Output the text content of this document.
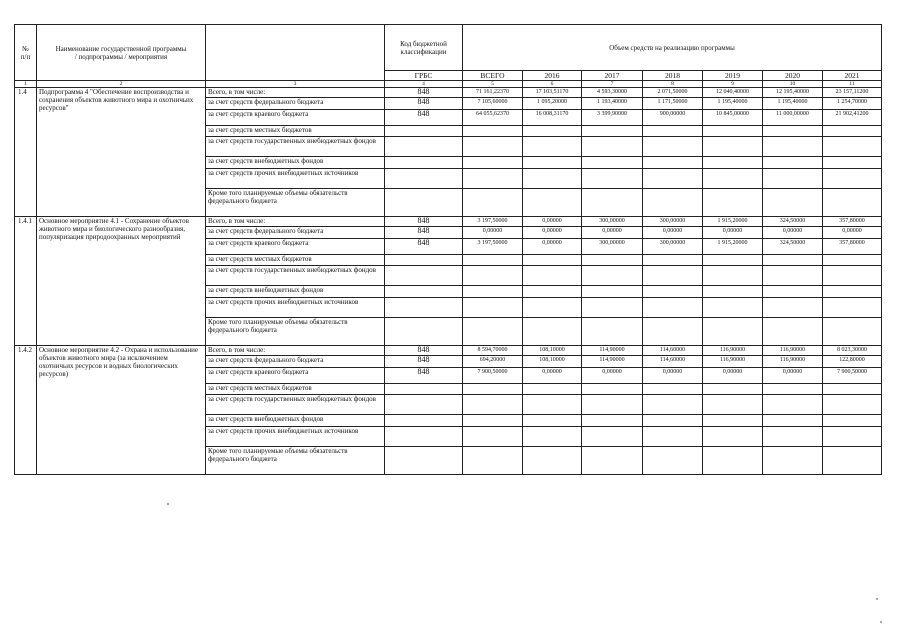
№
п/п	Наименование государственной программы / подпрограммы / мероприятия		Код бюджетной классификации	Объем средств на реализацию программы						
			ГРБС	ВСЕГО	2016	2017	2018	2019	2020	2021
1	2	3	4	5	6	7	8	9	10	11
1.4	Подпрограмма 4 "Обеспечение воспроизводства и сохранения объектов животного мира и охотничьих ресурсов"	Всего, в том числе:	848	71 161,22370	17 103,51170	4 593,30000	2 071,50000	12 040,40000	12 195,40000	23 157,11200
		за счет средств федерального бюджета	848	7 105,60000	1 095,20000	1 193,40000	1 171,50000	1 195,40000	1 195,40000	1 254,70000
		за счет средств краевого бюджета	848	64 055,62370	16 008,31170	3 399,90000	900,00000	10 845,00000	11 000,00000	21 902,41200
		за счет средств местных бюджетов								
		за счет средств государственных внебюджетных фондов								
		за счет средств внебюджетных фондов								
		за счет средств прочих внебюджетных источников								
		Кроме того планируемые объемы обязательств федерального бюджета								
1.4.1	Основное мероприятие 4.1 - Сохранение объектов животного мира и биологического разнообразия, популяризация природоохранных мероприятий	Всего, в том числе:	848	3 197,50000	0,00000	300,00000	300,00000	1 915,20000	324,50000	357,80000
		за счет средств федерального бюджета	848	0,00000	0,00000	0,00000	0,00000	0,00000	0,00000	0,00000
		за счет средств краевого бюджета	848	3 197,50000	0,00000	300,00000	300,00000	1 915,20000	324,50000	357,80000
		за счет средств местных бюджетов								
		за счет средств государственных внебюджетных фондов								
		за счет средств внебюджетных фондов								
		за счет средств прочих внебюджетных источников								
		Кроме того планируемые объемы обязательств федерального бюджета								
1.4.2	Основное мероприятие 4.2 - Охрана и использование объектов животного мира (за исключением охотничьих ресурсов и водных биологических ресурсов)	Всего, в том числе:	848	8 594,70000	108,10000	114,90000	114,60000	116,90000	116,90000	8 023,30000
		за счет средств федерального бюджета	848	694,20000	108,10000	114,90000	114,60000	116,90000	116,90000	122,80000
		за счет средств краевого бюджета	848	7 900,50000	0,00000	0,00000	0,00000	0,00000	0,00000	7 900,50000
		за счет средств местных бюджетов								
		за счет средств государственных внебюджетных фондов								
		за счет средств внебюджетных фондов								
		за счет средств прочих внебюджетных источников								
		Кроме того планируемые объемы обязательств федерального бюджета								
